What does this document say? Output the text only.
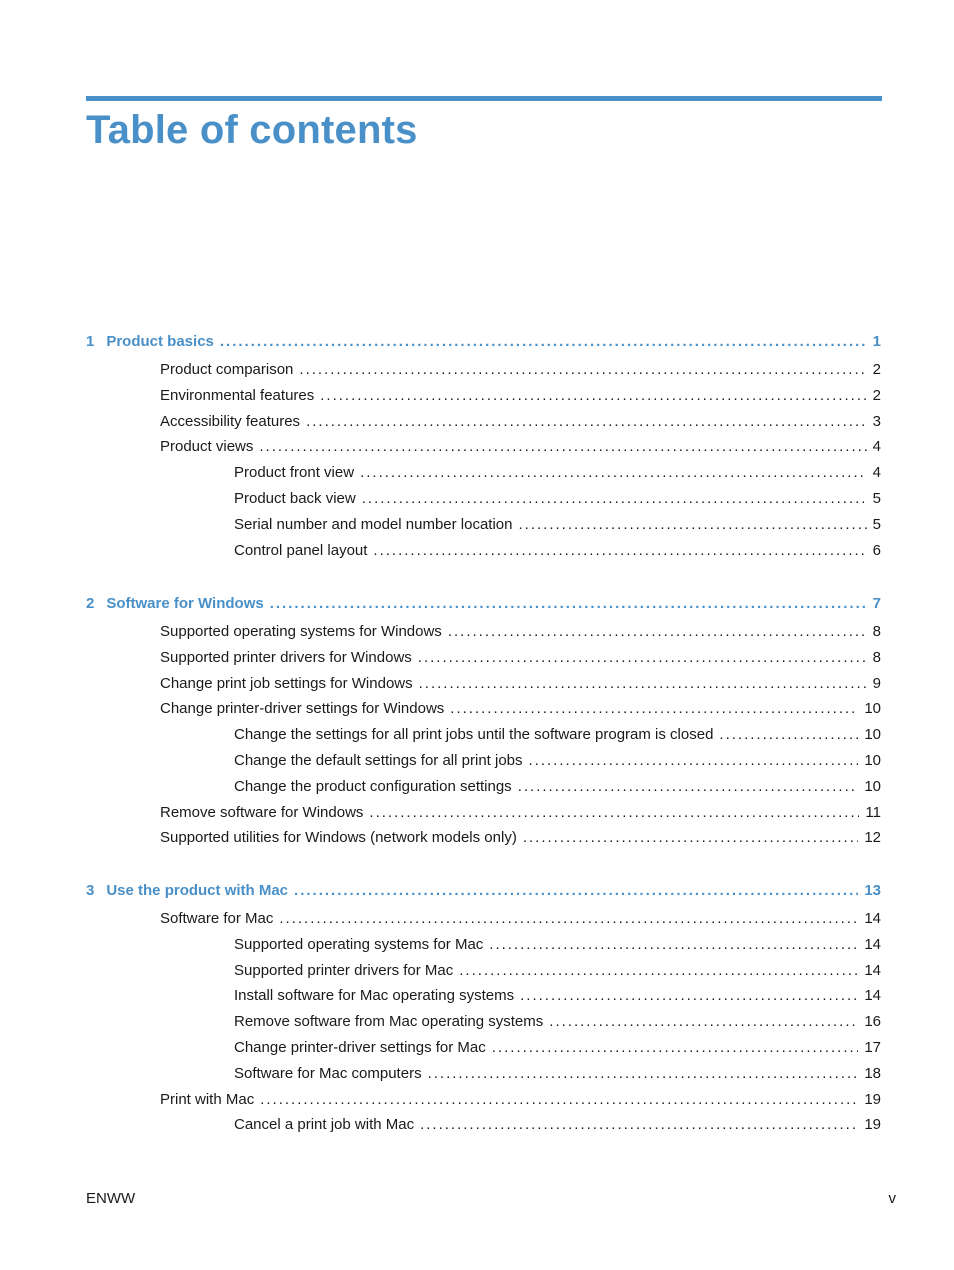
Table of contents
1 Product basics .....	1
Product comparison .....	2
Environmental features .....	2
Accessibility features .....	3
Product views .....	4
Product front view .....	4
Product back view .....	5
Serial number and model number location .....	5
Control panel layout .....	6
2 Software for Windows .....	7
Supported operating systems for Windows .....	8
Supported printer drivers for Windows .....	8
Change print job settings for Windows .....	9
Change printer-driver settings for Windows .....	10
Change the settings for all print jobs until the software program is closed .....	10
Change the default settings for all print jobs .....	10
Change the product configuration settings .....	10
Remove software for Windows .....	11
Supported utilities for Windows (network models only) .....	12
3 Use the product with Mac .....	13
Software for Mac .....	14
Supported operating systems for Mac .....	14
Supported printer drivers for Mac .....	14
Install software for Mac operating systems .....	14
Remove software from Mac operating systems .....	16
Change printer-driver settings for Mac .....	17
Software for Mac computers .....	18
Print with Mac .....	19
Cancel a print job with Mac .....	19
ENWW	v
